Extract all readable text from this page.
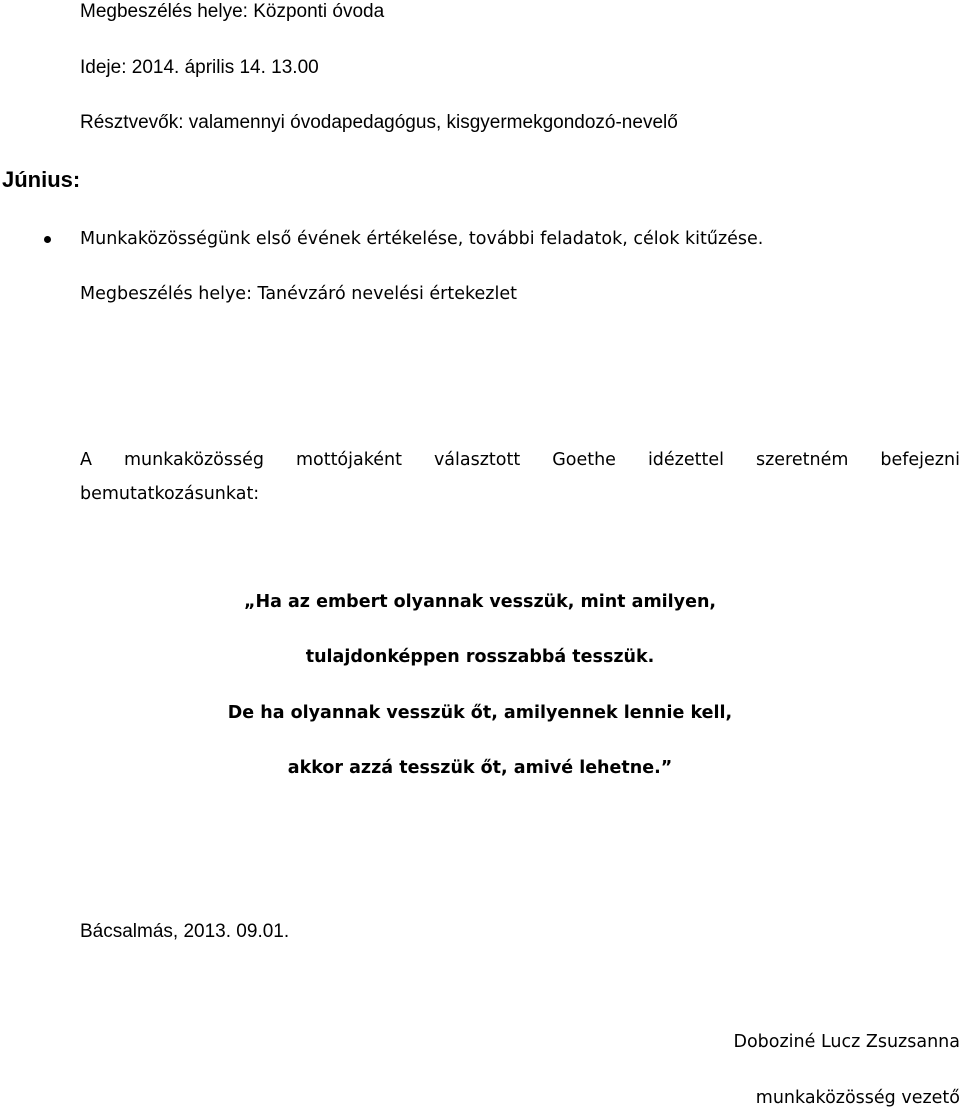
Megbeszélés helye: Központi óvoda
Ideje: 2014. április 14. 13.00
Résztvevők: valamennyi óvodapedagógus, kisgyermekgondozó-nevelő
Június:
Munkaközösségünk első évének értékelése, további feladatok, célok kitűzése.
Megbeszélés helye: Tanévzáró nevelési értekezlet
A munkaközösség mottójaként választott Goethe idézettel szeretném befejezni
bemutatkozásunkat:
„Ha az embert olyannak vesszük, mint amilyen,
tulajdonképpen rosszabbá tesszük.
De ha olyannak vesszük őt, amilyennek lennie kell,
akkor azzá tesszük őt, amivé lehetne.”
Bácsalmás, 2013. 09.01.
Doboziné Lucz Zsuzsanna
munkaközösség vezető
